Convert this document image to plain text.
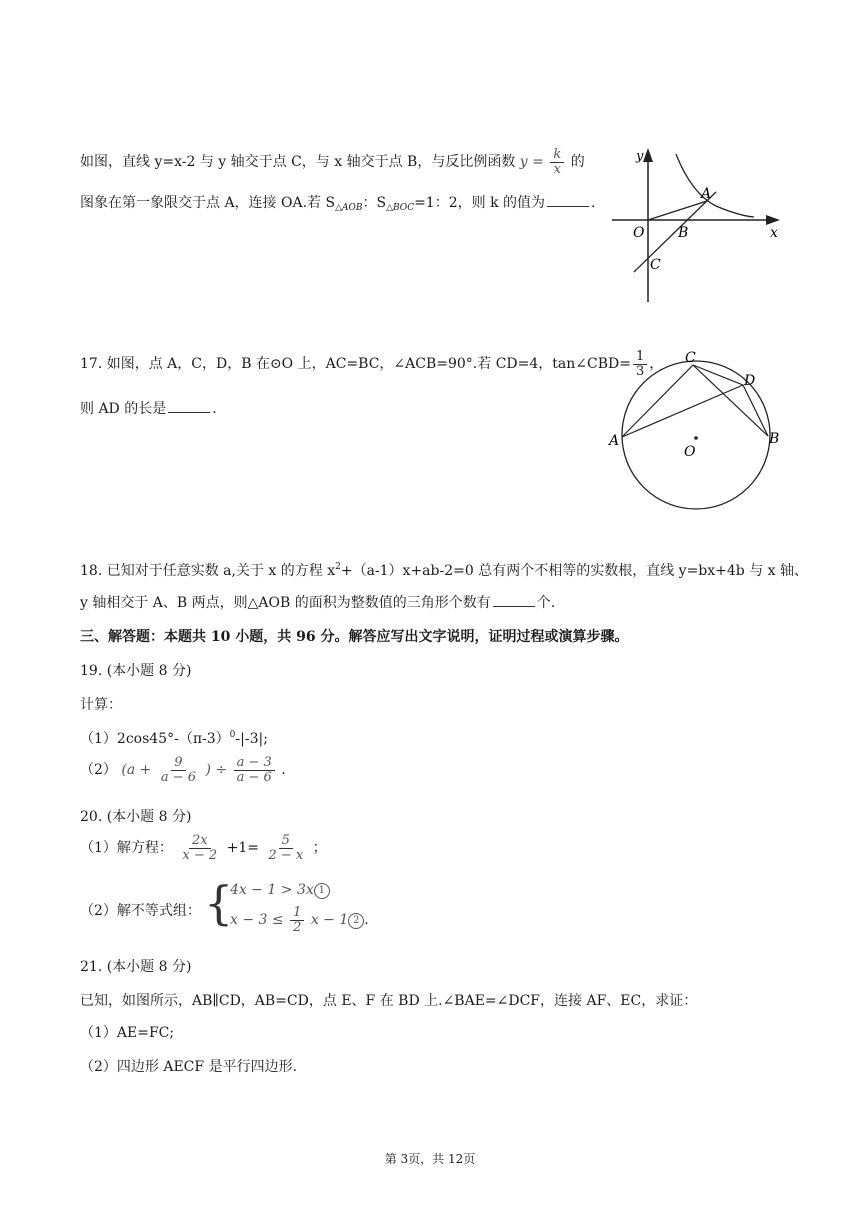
如图，直线 y=x-2 与 y 轴交于点 C，与 x 轴交于点 B，与反比例函数 $y = \frac{k}{x}$ 的
图象在第一象限交于点 A，连接 OA.若 $S_{\triangle AOB}$：$S_{\triangle BOC}=1$：2，则 k 的值为	.
y
x
O
A
B
C
17. 如图，点 A，C，D，B 在⊙O 上，AC=BC，∠ACB=90°.若 CD=4，tan∠CBD= $\frac{1}{3}$ ，
则 AD 的长是	.
A	B
C
D
O
18. 已知对于任意实数 a,关于 x 的方程 $x^2+(a-1)x+ab-2=0$ 总有两个不相等的实数根，直线 y=bx+4b 与 x 轴、
y 轴相交于 A、B 两点，则△AOB 的面积为整数值的三角形个数有	个.
三、解答题：本题共 10 小题，共 96 分。解答应写出文字说明，证明过程或演算步骤。
19. (本小题 8 分)
计算：
$(1)2\cos 45^\circ-(\pi-3)^0-|-3|$;
（2） ($a + \frac{9}{a - 6}$ ) ÷ $\frac{a - 3}{a - 6}$ .
20. (本小题 8 分)
（1）解方程： $\frac{2x}{x - 2} +1= \frac{5}{2 - x}$ ；
（2）解不等式组： {
4x − 1 > 3x 1
$x - 3 \le \frac{1}{2}$ x − 1 2 .
21. (本小题 8 分)
已知，如图所示，AB∥CD，AB=CD，点 E、F 在 BD 上.∠BAE=∠DCF，连接 AF、EC，求证：
（1）AE=FC;
（2）四边形 AECF 是平行四边形.
第 3页，共 12页
